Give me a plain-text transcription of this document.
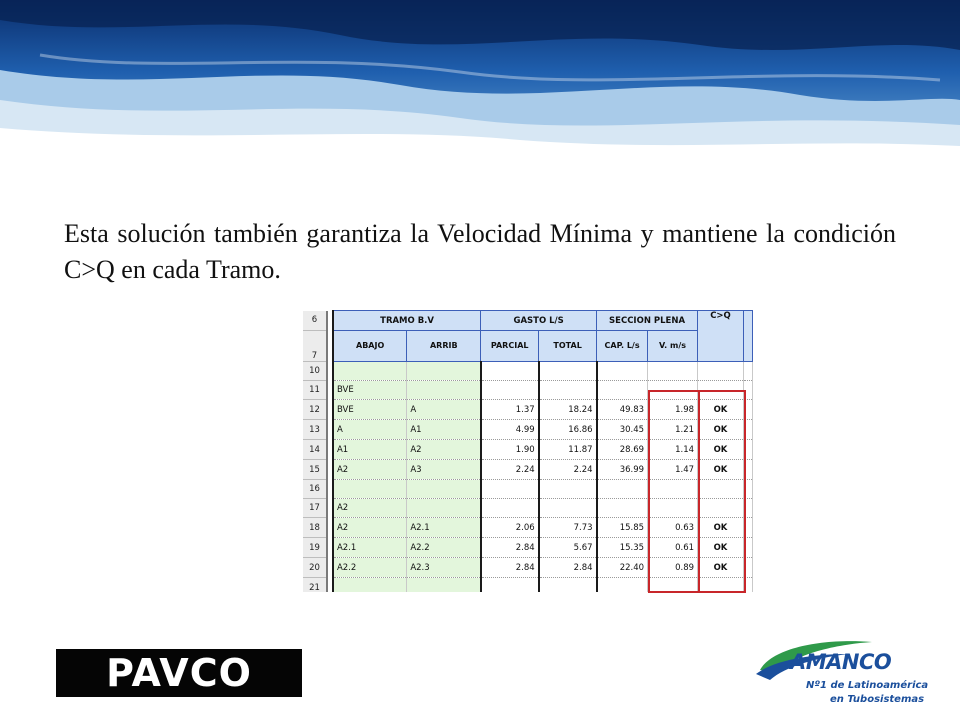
Esta solución también garantiza la Velocidad Mínima y mantiene la condición C>Q en cada Tramo.

6		TRAMO B.V		GASTO L/S		SECCION PLENA		C>Q	
7		ABAJO	ARRIB	PARCIAL	TOTAL	CAP. L/s	V. m/s		
10									
11		BVE							
12		BVE	A	1.37	18.24	49.83	1.98	OK	
13		A	A1	4.99	16.86	30.45	1.21	OK	
14		A1	A2	1.90	11.87	28.69	1.14	OK	
15		A2	A3	2.24	2.24	36.99	1.47	OK	
16									
17		A2							
18		A2	A2.1	2.06	7.73	15.85	0.63	OK	
19		A2.1	A2.2	2.84	5.67	15.35	0.61	OK	
20		A2.2	A2.3	2.84	2.84	22.40	0.89	OK	
21									
PAVCO	AMANCO
Nº1 de Latinoamérica
en Tubosistemas
